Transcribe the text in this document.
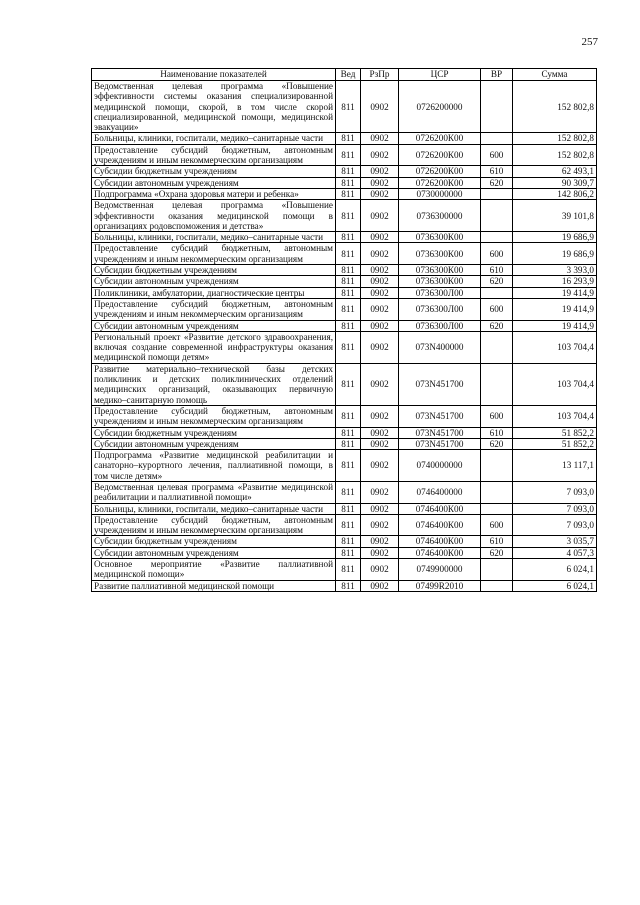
257
Наименование показателей	Вед	РзПр	ЦСР	ВР	Сумма
Ведомственная целевая программа «Повышение эффективности системы оказания специализированной медицинской помощи, скорой, в том числе скорой специализированной, медицинской помощи, медицинской эвакуации»	811	0902	0726200000		152 802,8
Больницы, клиники, госпитали, медико–санитарные части	811	0902	0726200К00		152 802,8
Предоставление субсидий бюджетным, автономным учреждениям и иным некоммерческим организациям	811	0902	0726200К00	600	152 802,8
Субсидии бюджетным учреждениям	811	0902	0726200К00	610	62 493,1
Субсидии автономным учреждениям	811	0902	0726200К00	620	90 309,7
Подпрограмма «Охрана здоровья матери и ребенка»	811	0902	0730000000		142 806,2
Ведомственная целевая программа «Повышение эффективности оказания медицинской помощи в организациях родовспоможения и детства»	811	0902	0736300000		39 101,8
Больницы, клиники, госпитали, медико–санитарные части	811	0902	0736300К00		19 686,9
Предоставление субсидий бюджетным, автономным учреждениям и иным некоммерческим организациям	811	0902	0736300К00	600	19 686,9
Субсидии бюджетным учреждениям	811	0902	0736300К00	610	3 393,0
Субсидии автономным учреждениям	811	0902	0736300К00	620	16 293,9
Поликлиники, амбулатории, диагностические центры	811	0902	0736300Л00		19 414,9
Предоставление субсидий бюджетным, автономным учреждениям и иным некоммерческим организациям	811	0902	0736300Л00	600	19 414,9
Субсидии автономным учреждениям	811	0902	0736300Л00	620	19 414,9
Региональный проект «Развитие детского здравоохранения, включая создание современной инфраструктуры оказания медицинской помощи детям»	811	0902	073N400000		103 704,4
Развитие материально–технической базы детских поликлиник и детских поликлинических отделений медицинских организаций, оказывающих первичную медико–санитарную помощь	811	0902	073N451700		103 704,4
Предоставление субсидий бюджетным, автономным учреждениям и иным некоммерческим организациям	811	0902	073N451700	600	103 704,4
Субсидии бюджетным учреждениям	811	0902	073N451700	610	51 852,2
Субсидии автономным учреждениям	811	0902	073N451700	620	51 852,2
Подпрограмма «Развитие медицинской реабилитации и санаторно–курортного лечения, паллиативной помощи, в том числе детям»	811	0902	0740000000		13 117,1
Ведомственная целевая программа «Развитие медицинской реабилитации и паллиативной помощи»	811	0902	0746400000		7 093,0
Больницы, клиники, госпитали, медико–санитарные части	811	0902	0746400К00		7 093,0
Предоставление субсидий бюджетным, автономным учреждениям и иным некоммерческим организациям	811	0902	0746400К00	600	7 093,0
Субсидии бюджетным учреждениям	811	0902	0746400К00	610	3 035,7
Субсидии автономным учреждениям	811	0902	0746400К00	620	4 057,3
Основное мероприятие «Развитие паллиативной медицинской помощи»	811	0902	0749900000		6 024,1
Развитие паллиативной медицинской помощи	811	0902	07499R2010		6 024,1
